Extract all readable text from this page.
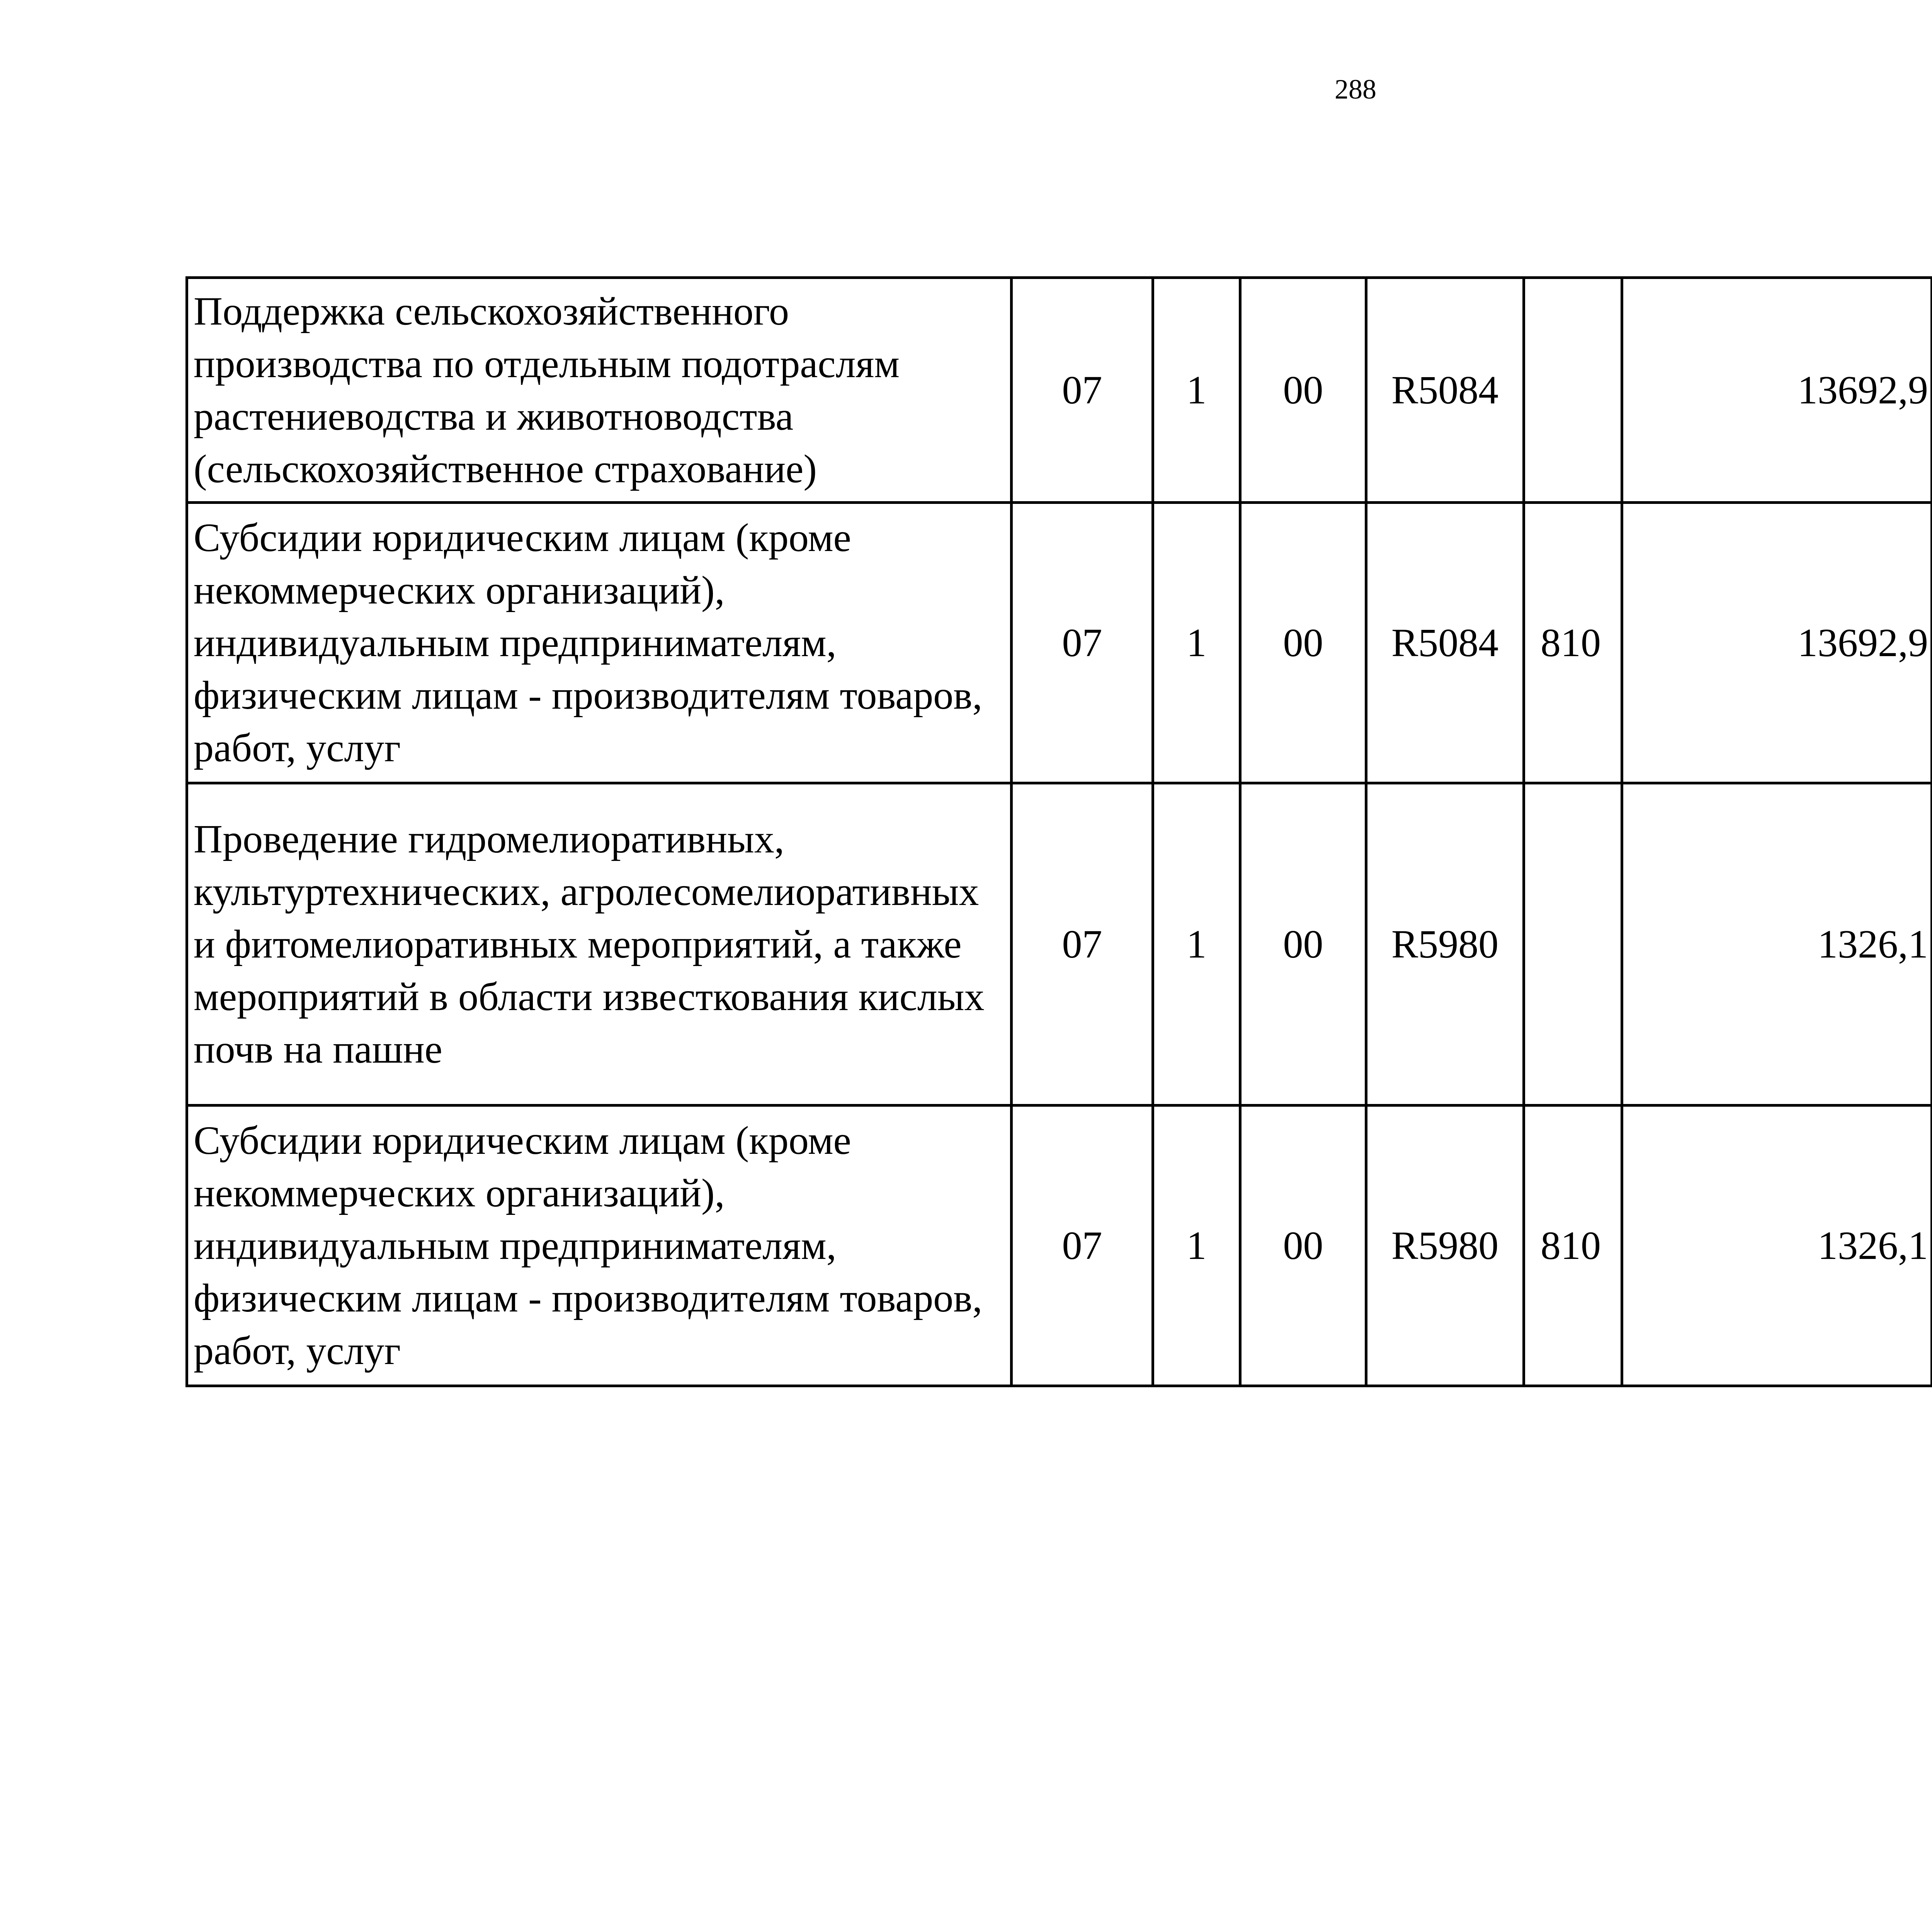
288
Поддержка сельскохозяйственного производства по отдельным подотраслям растениеводства и животноводства (сельскохозяйственное страхование)	07	1	00	R5084		13692,9		
Субсидии юридическим лицам (кроме некоммерческих организаций), индивидуальным предпринимателям, физическим лицам - производителям товаров, работ, услуг	07	1	00	R5084	810	13692,9		
Проведение гидромелиоративных, культуртехнических, агролесомелиоративных и фитомелиоративных мероприятий, а также мероприятий в области известкования кислых почв на пашне	07	1	00	R5980		1326,1		
Субсидии юридическим лицам (кроме некоммерческих организаций), индивидуальным предпринимателям, физическим лицам - производителям товаров, работ, услуг	07	1	00	R5980	810	1326,1		
